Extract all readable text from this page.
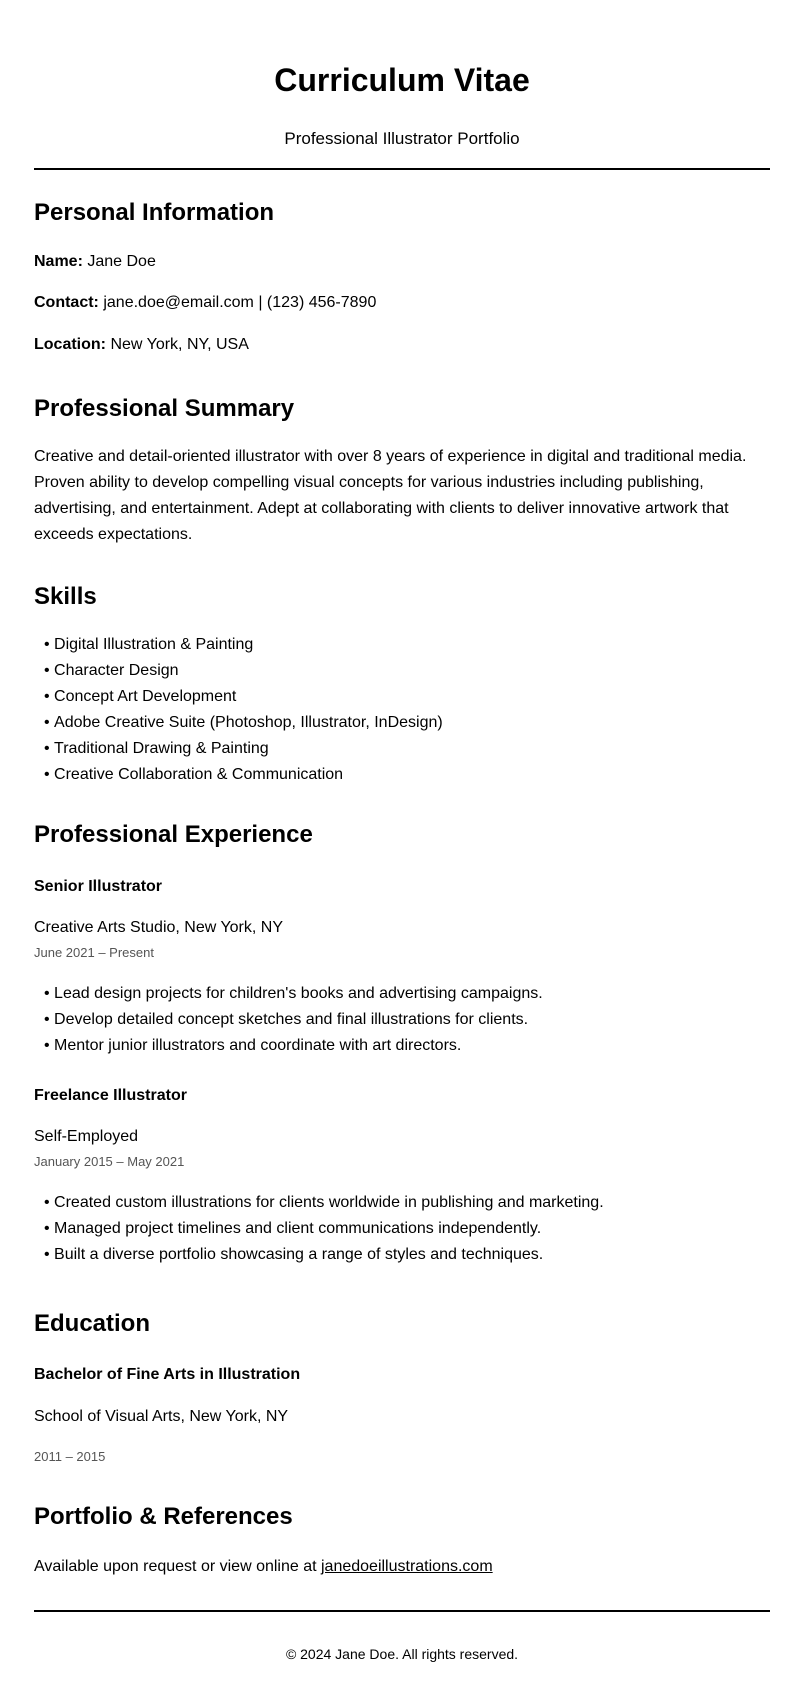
Curriculum Vitae
Professional Illustrator Portfolio
Personal Information
Name: Jane Doe
Contact: jane.doe@email.com | (123) 456-7890
Location: New York, NY, USA
Professional Summary
Creative and detail-oriented illustrator with over 8 years of experience in digital and traditional media. Proven ability to develop compelling visual concepts for various industries including publishing, advertising, and entertainment. Adept at collaborating with clients to deliver innovative artwork that exceeds expectations.
Skills
• Digital Illustration & Painting
• Character Design
• Concept Art Development
• Adobe Creative Suite (Photoshop, Illustrator, InDesign)
• Traditional Drawing & Painting
• Creative Collaboration & Communication
Professional Experience
Senior Illustrator
Creative Arts Studio, New York, NY
June 2021 – Present
• Lead design projects for children's books and advertising campaigns.
• Develop detailed concept sketches and final illustrations for clients.
• Mentor junior illustrators and coordinate with art directors.
Freelance Illustrator
Self-Employed
January 2015 – May 2021
• Created custom illustrations for clients worldwide in publishing and marketing.
• Managed project timelines and client communications independently.
• Built a diverse portfolio showcasing a range of styles and techniques.
Education
Bachelor of Fine Arts in Illustration
School of Visual Arts, New York, NY
2011 – 2015
Portfolio & References
Available upon request or view online at janedoeillustrations.com
© 2024 Jane Doe. All rights reserved.
